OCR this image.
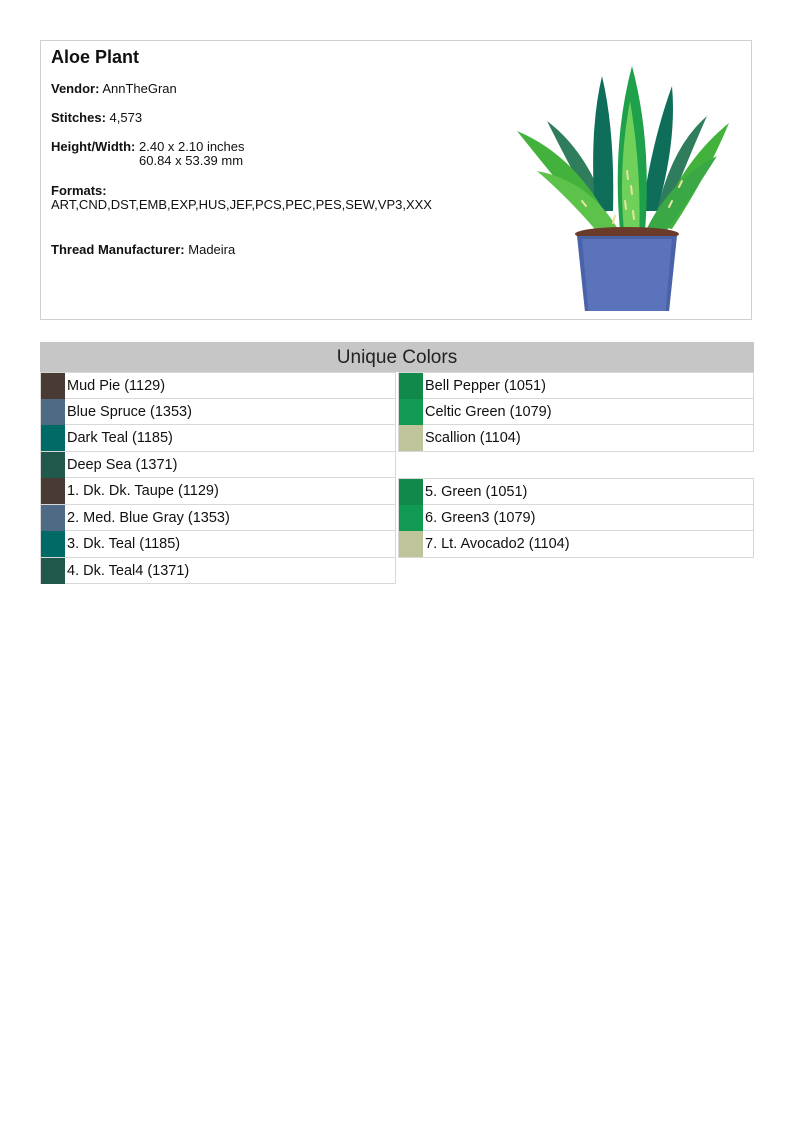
Aloe Plant
Vendor: AnnTheGran
Stitches: 4,573
Height/Width: 2.40 x 2.10 inches
60.84 x 53.39 mm
Formats:
ART,CND,DST,EMB,EXP,HUS,JEF,PCS,PEC,PES,SEW,VP3,XXX
Thread Manufacturer: Madeira
Unique Colors
Mud Pie (1129)
Blue Spruce (1353)
Dark Teal (1185)
Deep Sea (1371)
1. Dk. Dk. Taupe (1129)
2. Med. Blue Gray (1353)
3. Dk. Teal (1185)
4. Dk. Teal4 (1371)
Bell Pepper (1051)
Celtic Green (1079)
Scallion (1104)
5. Green (1051)
6. Green3 (1079)
7. Lt. Avocado2 (1104)
